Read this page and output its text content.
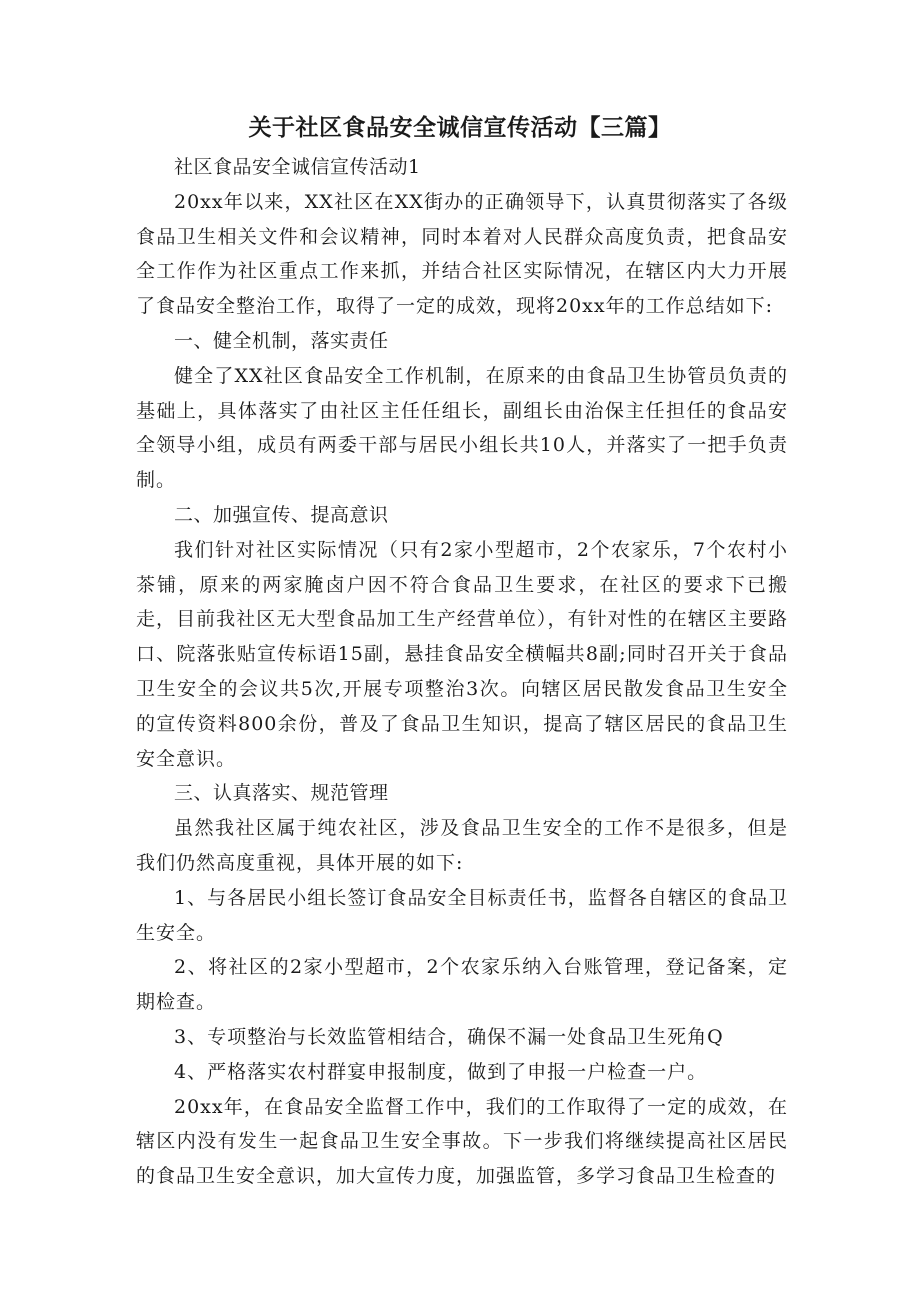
关于社区食品安全诚信宣传活动【三篇】

社区食品安全诚信宣传活动1

20xx年以来，XX社区在XX街办的正确领导下，认真贯彻落实了各级食品卫生相关文件和会议精神，同时本着对人民群众高度负责，把食品安全工作作为社区重点工作来抓，并结合社区实际情况，在辖区内大力开展了食品安全整治工作，取得了一定的成效，现将20xx年的工作总结如下:

一、健全机制，落实责任

健全了XX社区食品安全工作机制，在原来的由食品卫生协管员负责的基础上，具体落实了由社区主任任组长，副组长由治保主任担任的食品安全领导小组，成员有两委干部与居民小组长共10人，并落实了一把手负责制。

二、加强宣传、提高意识

我们针对社区实际情况（只有2家小型超市，2个农家乐，7个农村小茶铺，原来的两家腌卤户因不符合食品卫生要求，在社区的要求下已搬走，目前我社区无大型食品加工生产经营单位），有针对性的在辖区主要路口、院落张贴宣传标语15副，悬挂食品安全横幅共8副;同时召开关于食品卫生安全的会议共5次,开展专项整治3次。向辖区居民散发食品卫生安全的宣传资料800余份，普及了食品卫生知识，提高了辖区居民的食品卫生安全意识。

三、认真落实、规范管理

虽然我社区属于纯农社区，涉及食品卫生安全的工作不是很多，但是我们仍然高度重视，具体开展的如下:

1、与各居民小组长签订食品安全目标责任书，监督各自辖区的食品卫生安全。

2、将社区的2家小型超市，2个农家乐纳入台账管理，登记备案，定期检查。

3、专项整治与长效监管相结合，确保不漏一处食品卫生死角Q

4、严格落实农村群宴申报制度，做到了申报一户检查一户。

20xx年，在食品安全监督工作中，我们的工作取得了一定的成效，在辖区内没有发生一起食品卫生安全事故。下一步我们将继续提高社区居民的食品卫生安全意识，加大宣传力度，加强监管，多学习食品卫生检查的
